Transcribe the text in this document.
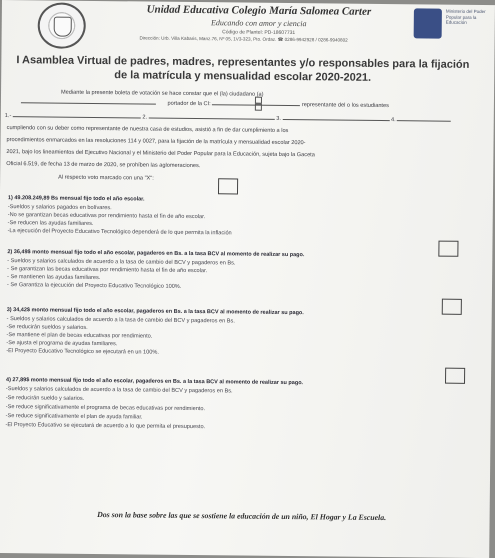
Ministerio del Poder Popular para la Educación
Unidad Educativa Colegio María Salomea Carter
Educando con amor y ciencia
Código de Plantel: PD-18607731
Dirección: Urb. Villa Kabaris, Manz.76, Nº 05, 1V3-323, Pto. Ordaz. ☎ 0286-9942928 / 0286-9940802
I Asamblea Virtual de padres, madres, representantes y/o responsables para la fijación de la matrícula y mensualidad escolar 2020-2021.
Mediante la presente boleta de votación se hace constar que el (la) ciudadano (a)
portador de la CI:	representante del o los estudiantes
1.-	2.	3.	4.
cumpliendo con su deber como representante de nuestra casa de estudios, asistió a fin de dar cumplimiento a los
procedimientos enmarcados en las resoluciones 114 y 0027, para la fijación de la matrícula y mensualidad escolar 2020-
2021, bajo los lineamientos del Ejecutivo Nacional y el Ministerio del Poder Popular para la Educación, sujeta bajo la Gaceta
Oficial 6.519, de fecha 13 de marzo de 2020, se prohíben las aglomeraciones.
Al respecto voto marcado con una "X":
1) 49.208.249,89 Bs mensual fijo todo el año escolar.
-Sueldos y salarios pagados en bolívares.
-No se garantizan becas educativas por rendimiento hasta el fin de año escolar.
-Se reducen las ayudas familiares.
-La ejecución del Proyecto Educativo Tecnológico dependerá de lo que permita la inflación
2) 36,49$ monto mensual fijo todo el año escolar, pagaderos en Bs. a la tasa BCV al momento de realizar su pago.
- Sueldos y salarios calculados de acuerdo a la tasa de cambio del BCV y pagaderos en Bs.
- Se garantizan las becas educativas por rendimiento hasta el fin de año escolar.
- Se mantienen las ayudas familiares.
- Se Garantiza la ejecución del Proyecto Educativo Tecnológico 100%.
3) 34,42$ monto mensual fijo todo el año escolar, pagaderos en Bs. a la tasa BCV al momento de realizar su pago.
- Sueldos y salarios calculados de acuerdo a la tasa de cambio del BCV y pagaderos en Bs.
-Se reducirán sueldos y salarios.
-Se mantiene el plan de becas educativas por rendimiento.
-Se ajusta el programa de ayudas familiares.
-El Proyecto Educativo Tecnológico se ejecutará en un 100%.
4) 27,89$ monto mensual fijo todo el año escolar, pagaderos en Bs. a la tasa BCV al momento de realizar su pago.
-Sueldos y salarios calculados de acuerdo a la tasa de cambio del BCV y pagaderos en Bs.
-Se reducirán sueldo y salarios.
-Se reduce significativamente el programa de becas educativas por rendimiento.
-Se reduce significativamente el plan de ayuda familiar.
-El Proyecto Educativo se ejecutará de acuerdo a lo que permita el presupuesto.
Dos son la base sobre las que se sostiene la educación de un niño, El Hogar y La Escuela.
